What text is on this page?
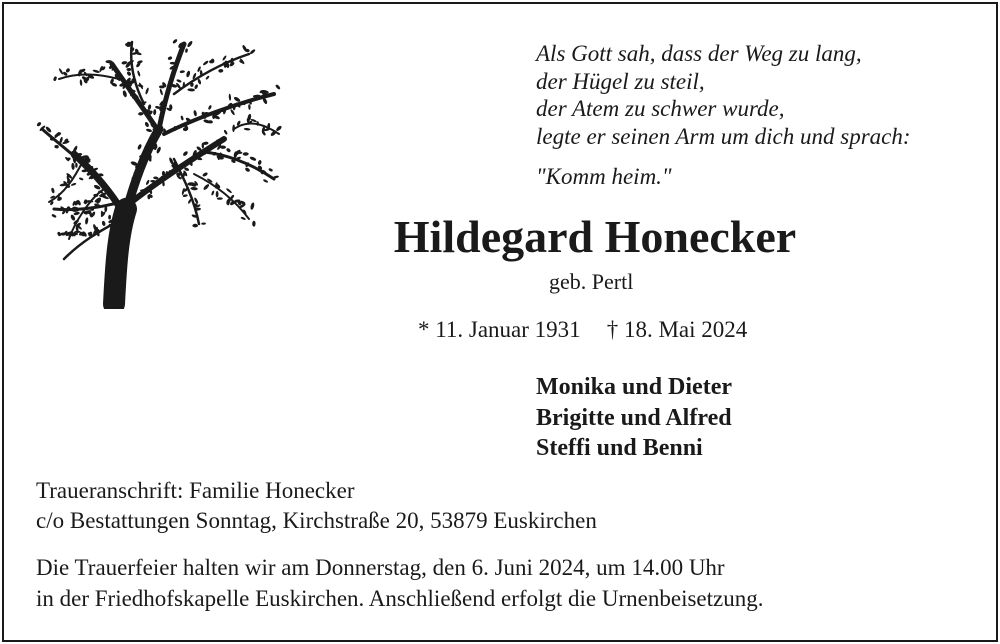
Als Gott sah, dass der Weg zu lang,
der Hügel zu steil,
der Atem zu schwer wurde,
legte er seinen Arm um dich und sprach:
"Komm heim."
Hildegard Honecker
geb. Pertl
* 11. Januar 1931 † 18. Mai 2024
Monika und Dieter
Brigitte und Alfred
Steffi und Benni
Traueranschrift: Familie Honecker
c/o Bestattungen Sonntag, Kirchstraße 20, 53879 Euskirchen
Die Trauerfeier halten wir am Donnerstag, den 6. Juni 2024, um 14.00 Uhr
in der Friedhofskapelle Euskirchen. Anschließend erfolgt die Urnenbeisetzung.
